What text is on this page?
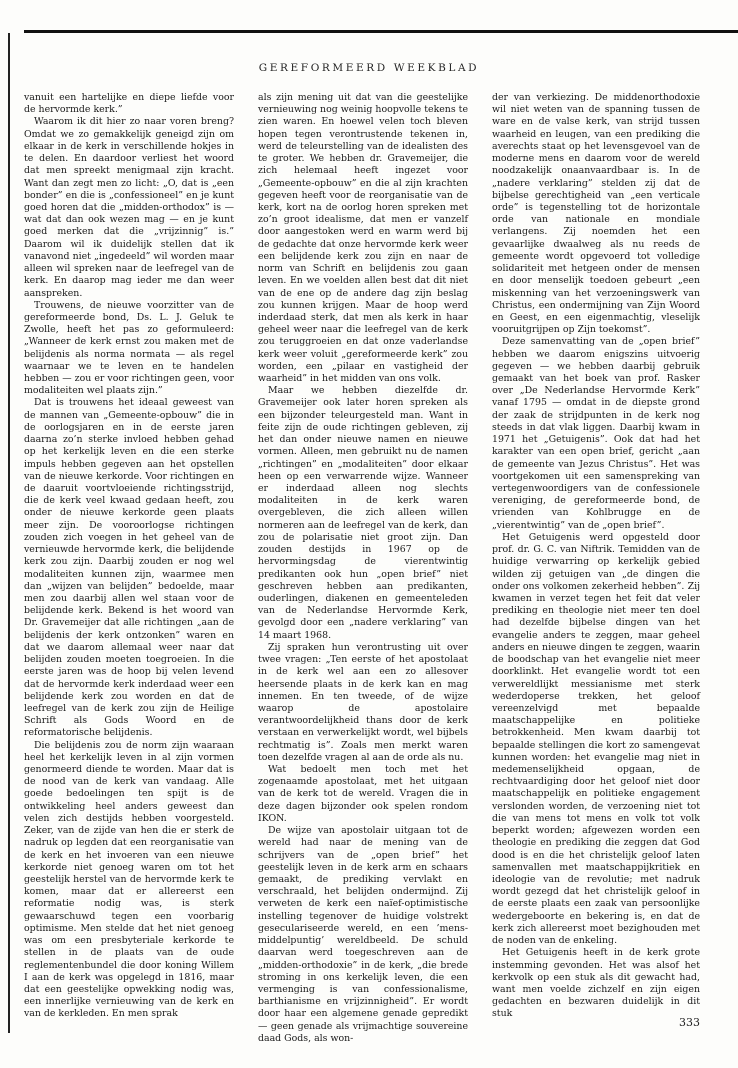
GEREFORMEERD WEEKBLAD

vanuit een hartelijke en diepe liefde voor de hervormde kerk.”

Waarom ik dit hier zo naar voren breng? Omdat we zo gemakkelijk geneigd zijn om elkaar in de kerk in verschillende hokjes in te delen. En daardoor verliest het woord dat men spreekt menigmaal zijn kracht. Want dan zegt men zo licht: „O, dat is „een bonder” en die is „confessioneel” en je kunt goed horen dat die „midden-orthodox” is — wat dat dan ook wezen mag — en je kunt goed merken dat die „vrijzinnig” is.” Daarom wil ik duidelijk stellen dat ik vanavond niet „ingedeeld” wil worden maar alleen wil spreken naar de leefregel van de kerk. En daarop mag ieder me dan weer aanspreken.

Trouwens, de nieuwe voorzitter van de gereformeerde bond, Ds. L. J. Geluk te Zwolle, heeft het pas zo geformuleerd: „Wanneer de kerk ernst zou maken met de belijdenis als norma normata — als regel waarnaar we te leven en te handelen hebben — zou er voor richtingen geen, voor modaliteiten wel plaats zijn.”

Dat is trouwens het ideaal geweest van de mannen van „Gemeente-opbouw” die in de oorlogsjaren en in de eerste jaren daarna zo’n sterke invloed hebben gehad op het kerkelijk leven en die een sterke impuls hebben gegeven aan het opstellen van de nieuwe kerkorde. Voor richtingen en de daaruit voortvloeiende richtingsstrijd, die de kerk veel kwaad gedaan heeft, zou onder de nieuwe kerkorde geen plaats meer zijn. De vooroorlogse richtingen zouden zich voegen in het geheel van de vernieuwde hervormde kerk, die belijdende kerk zou zijn. Daarbij zouden er nog wel modaliteiten kunnen zijn, waarmee men dan „wijzen van belijden” bedoelde, maar men zou daarbij allen wel staan voor de belijdende kerk. Bekend is het woord van Dr. Gravemeijer dat alle richtingen „aan de belijdenis der kerk ontzonken” waren en dat we daarom allemaal weer naar dat belijden zouden moeten toegroeien. In die eerste jaren was de hoop bij velen levend dat de hervormde kerk inderdaad weer een belijdende kerk zou worden en dat de leefregel van de kerk zou zijn de Heilige Schrift als Gods Woord en de reformatorische belijdenis.

Die belijdenis zou de norm zijn waaraan heel het kerkelijk leven in al zijn vormen genormeerd diende te worden. Maar dat is de nood van de kerk van vandaag. Alle goede bedoelingen ten spijt is de ontwikkeling heel anders geweest dan velen zich destijds hebben voorgesteld. Zeker, van de zijde van hen die er sterk de nadruk op legden dat een reorganisatie van de kerk en het invoeren van een nieuwe kerkorde niet genoeg waren om tot het geestelijk herstel van de hervormde kerk te komen, maar dat er allereerst een reformatie nodig was, is sterk gewaarschuwd tegen een voorbarig optimisme. Men stelde dat het niet genoeg was om een presbyteriale kerkorde te stellen in de plaats van de oude reglementenbundel die door koning Willem I aan de kerk was opgelegd in 1816, maar dat een geestelijke opwekking nodig was, een innerlijke vernieuwing van de kerk en van de kerkleden. En men sprak

als zijn mening uit dat van die geestelijke vernieuwing nog weinig hoopvolle tekens te zien waren. En hoewel velen toch bleven hopen tegen verontrustende tekenen in, werd de teleurstelling van de idealisten des te groter. We hebben dr. Gravemeijer, die zich helemaal heeft ingezet voor „Gemeente-opbouw” en die al zijn krachten gegeven heeft voor de reorganisatie van de kerk, kort na de oorlog horen spreken met zo’n groot idealisme, dat men er vanzelf door aangestoken werd en warm werd bij de gedachte dat onze hervormde kerk weer een belijdende kerk zou zijn en naar de norm van Schrift en belijdenis zou gaan leven. En we voelden allen best dat dit niet van de ene op de andere dag zijn beslag zou kunnen krijgen. Maar de hoop werd inderdaad sterk, dat men als kerk in haar geheel weer naar die leefregel van de kerk zou teruggroeien en dat onze vaderlandse kerk weer voluit „gereformeerde kerk” zou worden, een „pilaar en vastigheid der waarheid” in het midden van ons volk.

Maar we hebben diezelfde dr. Gravemeijer ook later horen spreken als een bijzonder teleurgesteld man. Want in feite zijn de oude richtingen gebleven, zij het dan onder nieuwe namen en nieuwe vormen. Alleen, men gebruikt nu de namen „richtingen” en „modaliteiten” door elkaar heen op een verwarrende wijze. Wanneer er inderdaad alleen nog slechts modaliteiten in de kerk waren overgebleven, die zich alleen willen normeren aan de leefregel van de kerk, dan zou de polarisatie niet groot zijn. Dan zouden destijds in 1967 op de hervormingsdag de vierentwintig predikanten ook hun „open brief” niet geschreven hebben aan predikanten, ouderlingen, diakenen en gemeenteleden van de Nederlandse Hervormde Kerk, gevolgd door een „nadere verklaring” van 14 maart 1968.

Zij spraken hun verontrusting uit over twee vragen: „Ten eerste of het apostolaat in de kerk wel aan een zo allesover heersende plaats in de kerk kan en mag innemen. En ten tweede, of de wijze waarop de apostolaire verantwoordelijkheid thans door de kerk verstaan en verwerkelijkt wordt, wel bijbels rechtmatig is”. Zoals men merkt waren toen dezelfde vragen al aan de orde als nu.

Wat bedoelt men toch met het zogenaamde apostolaat, met het uitgaan van de kerk tot de wereld. Vragen die in deze dagen bijzonder ook spelen rondom IKON.

De wijze van apostolair uitgaan tot de wereld had naar de mening van de schrijvers van de „open brief” het geestelijk leven in de kerk arm en schaars gemaakt, de prediking vervlakt en verschraald, het belijden ondermijnd. Zij verweten de kerk een naïef-optimistische instelling tegenover de huidige volstrekt geseculariseerde wereld, en een ’mens-middelpuntig’ wereldbeeld. De schuld daarvan werd toegeschreven aan de „midden-orthodoxie” in de kerk, „die brede stroming in ons kerkelijk leven, die een vermenging is van confessionalisme, barthianisme en vrijzinnigheid”. Er wordt door haar een algemene genade gepredikt — geen genade als vrijmachtige souvereine daad Gods, als won-

der van verkiezing. De middenorthodoxie wil niet weten van de spanning tussen de ware en de valse kerk, van strijd tussen waarheid en leugen, van een prediking die averechts staat op het levensgevoel van de moderne mens en daarom voor de wereld noodzakelijk onaanvaardbaar is. In de „nadere verklaring” stelden zij dat de bijbelse gerechtigheid van „een verticale orde” is tegenstelling tot de horizontale orde van nationale en mondiale verlangens. Zij noemden het een gevaarlijke dwaalweg als nu reeds de gemeente wordt opgevoerd tot volledige solidariteit met hetgeen onder de mensen en door menselijk toedoen gebeurt „een miskenning van het verzoeningswerk van Christus, een ondermijning van Zijn Woord en Geest, en een eigenmachtig, vleselijk vooruitgrijpen op Zijn toekomst”.

Deze samenvatting van de „open brief” hebben we daarom enigszins uitvoerig gegeven — we hebben daarbij gebruik gemaakt van het boek van prof. Rasker over „De Nederlandse Hervormde Kerk” vanaf 1795 — omdat in de diepste grond der zaak de strijdpunten in de kerk nog steeds in dat vlak liggen. Daarbij kwam in 1971 het „Getuigenis”. Ook dat had het karakter van een open brief, gericht „aan de gemeente van Jezus Christus”. Het was voortgekomen uit een samenspreking van vertegenwoordigers van de confessionele vereniging, de gereformeerde bond, de vrienden van Kohlbrugge en de „vierentwintig” van de „open brief”.

Het Getuigenis werd opgesteld door prof. dr. G. C. van Niftrik. Temidden van de huidige verwarring op kerkelijk gebied wilden zij getuigen van „de dingen die onder ons volkomen zekerheid hebben”. Zij kwamen in verzet tegen het feit dat veler prediking en theologie niet meer ten doel had dezelfde bijbelse dingen van het evangelie anders te zeggen, maar geheel anders en nieuwe dingen te zeggen, waarin de boodschap van het evangelie niet meer doorklinkt. Het evangelie wordt tot een verwereldlijkt messianisme met sterk wederdoperse trekken, het geloof vereenzelvigd met bepaalde maatschappelijke en politieke betrokkenheid. Men kwam daarbij tot bepaalde stellingen die kort zo samengevat kunnen worden: het evangelie mag niet in medemenselijkheid opgaan, de rechtvaardiging door het geloof niet door maatschappelijk en politieke engagement verslonden worden, de verzoening niet tot die van mens tot mens en volk tot volk beperkt worden; afgewezen worden een theologie en prediking die zeggen dat God dood is en die het christelijk geloof laten samenvallen met maatschappijkritiek en ideologie van de revolutie; met nadruk wordt gezegd dat het christelijk geloof in de eerste plaats een zaak van persoonlijke wedergeboorte en bekering is, en dat de kerk zich allereerst moet bezighouden met de noden van de enkeling.

Het Getuigenis heeft in de kerk grote instemming gevonden. Het was alsof het kerkvolk op een stuk als dit gewacht had, want men voelde zichzelf en zijn eigen gedachten en bezwaren duidelijk in dit stuk

333
